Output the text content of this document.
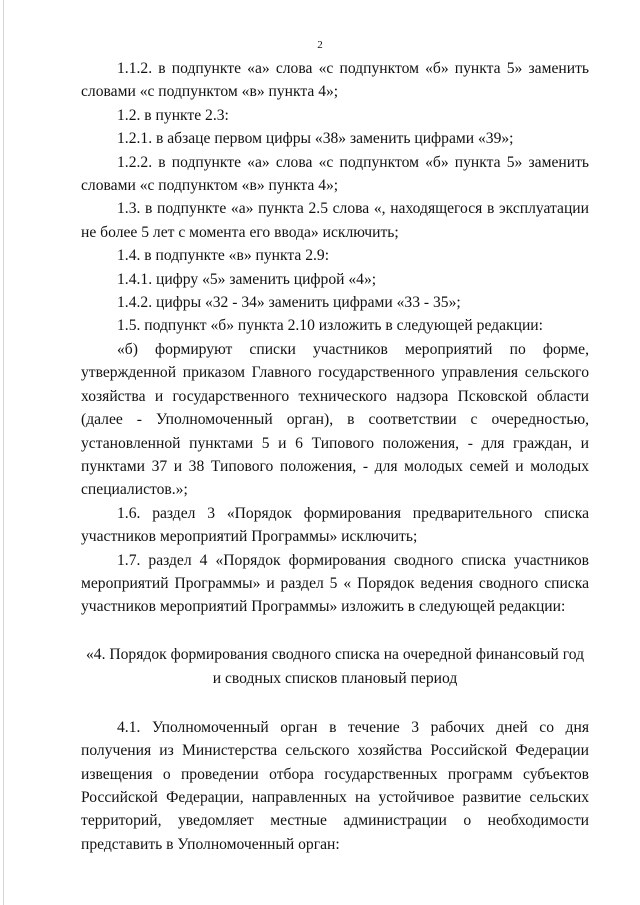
2

1.1.2. в подпункте «а» слова «с подпунктом «б» пункта 5» заменить словами «с подпунктом «в» пункта 4»;

1.2. в пункте 2.3:

1.2.1. в абзаце первом цифры «38» заменить цифрами «39»;

1.2.2. в подпункте «а» слова «с подпунктом «б» пункта 5» заменить словами «с подпунктом «в» пункта 4»;

1.3. в подпункте «а» пункта 2.5 слова «, находящегося в эксплуатации не более 5 лет с момента его ввода» исключить;

1.4. в подпункте «в» пункта 2.9:

1.4.1. цифру «5» заменить цифрой «4»;

1.4.2. цифры «32 - 34» заменить цифрами «33 - 35»;

1.5. подпункт «б» пункта 2.10 изложить в следующей редакции:

«б) формируют списки участников мероприятий по форме, утвержденной приказом Главного государственного управления сельского хозяйства и государственного технического надзора Псковской области (далее - Уполномоченный орган), в соответствии с очередностью, установленной пунктами 5 и 6 Типового положения, - для граждан, и пунктами 37 и 38 Типового положения, - для молодых семей и молодых специалистов.»;

1.6. раздел 3 «Порядок формирования предварительного списка участников мероприятий Программы» исключить;

1.7. раздел 4 «Порядок формирования сводного списка участников мероприятий Программы» и раздел 5 « Порядок ведения сводного списка участников мероприятий Программы» изложить в следующей редакции:

«4. Порядок формирования сводного списка на очередной финансовый год и сводных списков плановый период

4.1. Уполномоченный орган в течение 3 рабочих дней со дня получения из Министерства сельского хозяйства Российской Федерации извещения о проведении отбора государственных программ субъектов Российской Федерации, направленных на устойчивое развитие сельских территорий, уведомляет местные администрации о необходимости представить в Уполномоченный орган:
